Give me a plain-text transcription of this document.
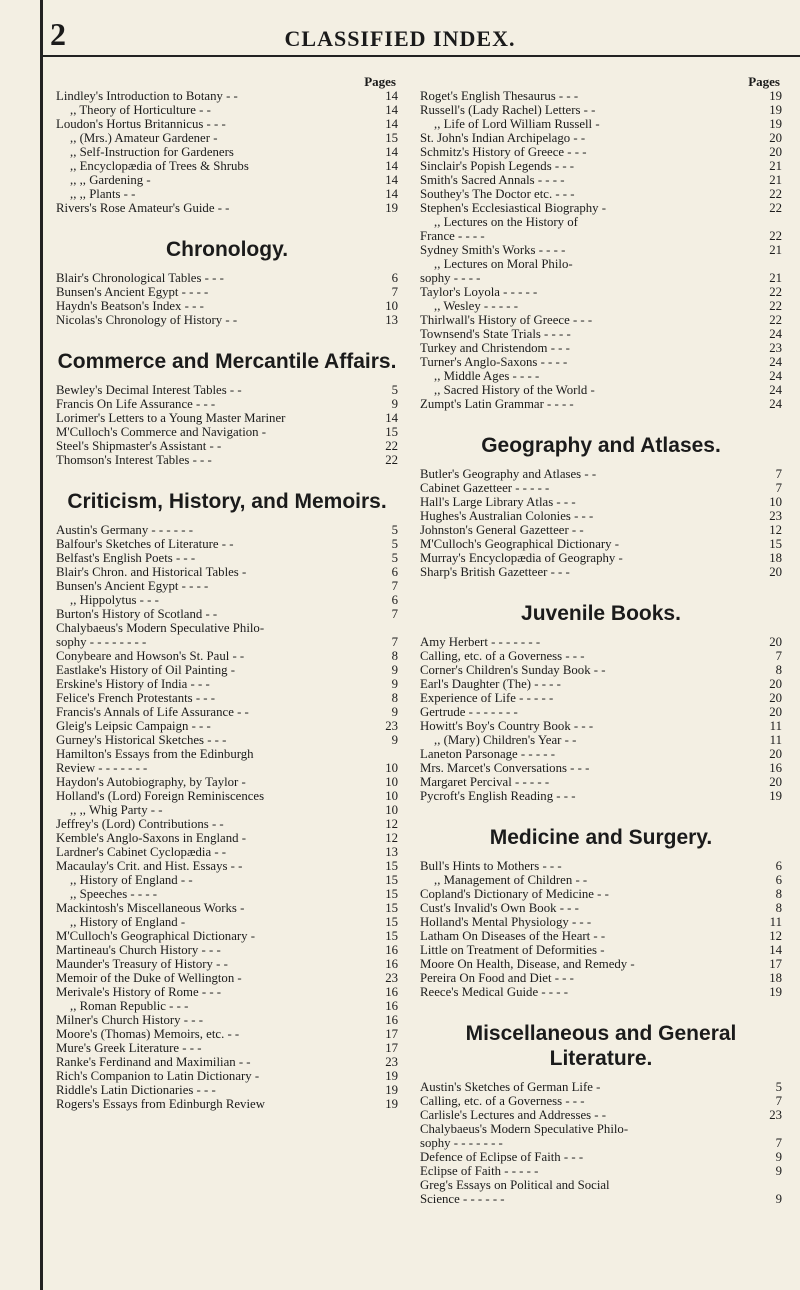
2	CLASSIFIED INDEX.
Pages
Lindley's Introduction to Botany - -	14
,, Theory of Horticulture - -	14
Loudon's Hortus Britannicus - - -	14
,, (Mrs.) Amateur Gardener -	15
,, Self-Instruction for Gardeners	14
,, Encyclopædia of Trees & Shrubs	14
,, ,, Gardening -	14
,, ,, Plants - -	14
Rivers's Rose Amateur's Guide - -	19
Chronology.
Blair's Chronological Tables - - -	6
Bunsen's Ancient Egypt - - - -	7
Haydn's Beatson's Index - - -	10
Nicolas's Chronology of History - -	13
Commerce and Mercantile Affairs.
Bewley's Decimal Interest Tables - -	5
Francis On Life Assurance - - -	9
Lorimer's Letters to a Young Master Mariner	14
M'Culloch's Commerce and Navigation -	15
Steel's Shipmaster's Assistant - -	22
Thomson's Interest Tables - - -	22
Criticism, History, and Memoirs.
Austin's Germany - - - - - -	5
Balfour's Sketches of Literature - -	5
Belfast's English Poets - - -	5
Blair's Chron. and Historical Tables -	6
Bunsen's Ancient Egypt - - - -	7
,, Hippolytus - - -	6
Burton's History of Scotland - -	7
Chalybaeus's Modern Speculative Philo-
sophy - - - - - - - -	7
Conybeare and Howson's St. Paul - -	8
Eastlake's History of Oil Painting -	9
Erskine's History of India - - -	9
Felice's French Protestants - - -	8
Francis's Annals of Life Assurance - -	9
Gleig's Leipsic Campaign - - -	23
Gurney's Historical Sketches - - -	9
Hamilton's Essays from the Edinburgh
Review - - - - - - -	10
Haydon's Autobiography, by Taylor -	10
Holland's (Lord) Foreign Reminiscences	10
,, ,, Whig Party - -	10
Jeffrey's (Lord) Contributions - -	12
Kemble's Anglo-Saxons in England -	12
Lardner's Cabinet Cyclopædia - -	13
Macaulay's Crit. and Hist. Essays - -	15
,, History of England - -	15
,, Speeches - - - -	15
Mackintosh's Miscellaneous Works -	15
,, History of England -	15
M'Culloch's Geographical Dictionary -	15
Martineau's Church History - - -	16
Maunder's Treasury of History - -	16
Memoir of the Duke of Wellington -	23
Merivale's History of Rome - - -	16
,, Roman Republic - - -	16
Milner's Church History - - -	16
Moore's (Thomas) Memoirs, etc. - -	17
Mure's Greek Literature - - -	17
Ranke's Ferdinand and Maximilian - -	23
Rich's Companion to Latin Dictionary -	19
Riddle's Latin Dictionaries - - -	19
Rogers's Essays from Edinburgh Review	19
Pages
Roget's English Thesaurus - - -	19
Russell's (Lady Rachel) Letters - -	19
,, Life of Lord William Russell -	19
St. John's Indian Archipelago - -	20
Schmitz's History of Greece - - -	20
Sinclair's Popish Legends - - -	21
Smith's Sacred Annals - - - -	21
Southey's The Doctor etc. - - -	22
Stephen's Ecclesiastical Biography -	22
,, Lectures on the History of
France - - - -	22
Sydney Smith's Works - - - -	21
,, Lectures on Moral Philo-
sophy - - - -	21
Taylor's Loyola - - - - -	22
,, Wesley - - - - -	22
Thirlwall's History of Greece - - -	22
Townsend's State Trials - - - -	24
Turkey and Christendom - - -	23
Turner's Anglo-Saxons - - - -	24
,, Middle Ages - - - -	24
,, Sacred History of the World -	24
Zumpt's Latin Grammar - - - -	24
Geography and Atlases.
Butler's Geography and Atlases - -	7
Cabinet Gazetteer - - - - -	7
Hall's Large Library Atlas - - -	10
Hughes's Australian Colonies - - -	23
Johnston's General Gazetteer - -	12
M'Culloch's Geographical Dictionary -	15
Murray's Encyclopædia of Geography -	18
Sharp's British Gazetteer - - -	20
Juvenile Books.
Amy Herbert - - - - - - -	20
Calling, etc. of a Governess - - -	7
Corner's Children's Sunday Book - -	8
Earl's Daughter (The) - - - -	20
Experience of Life - - - - -	20
Gertrude - - - - - - -	20
Howitt's Boy's Country Book - - -	11
,, (Mary) Children's Year - -	11
Laneton Parsonage - - - - -	20
Mrs. Marcet's Conversations - - -	16
Margaret Percival - - - - -	20
Pycroft's English Reading - - -	19
Medicine and Surgery.
Bull's Hints to Mothers - - -	6
,, Management of Children - -	6
Copland's Dictionary of Medicine - -	8
Cust's Invalid's Own Book - - -	8
Holland's Mental Physiology - - -	11
Latham On Diseases of the Heart - -	12
Little on Treatment of Deformities -	14
Moore On Health, Disease, and Remedy -	17
Pereira On Food and Diet - - -	18
Reece's Medical Guide - - - -	19
Miscellaneous and General Literature.
Austin's Sketches of German Life -	5
Calling, etc. of a Governess - - -	7
Carlisle's Lectures and Addresses - -	23
Chalybaeus's Modern Speculative Philo-
sophy - - - - - - -	7
Defence of Eclipse of Faith - - -	9
Eclipse of Faith - - - - -	9
Greg's Essays on Political and Social
Science - - - - - -	9
